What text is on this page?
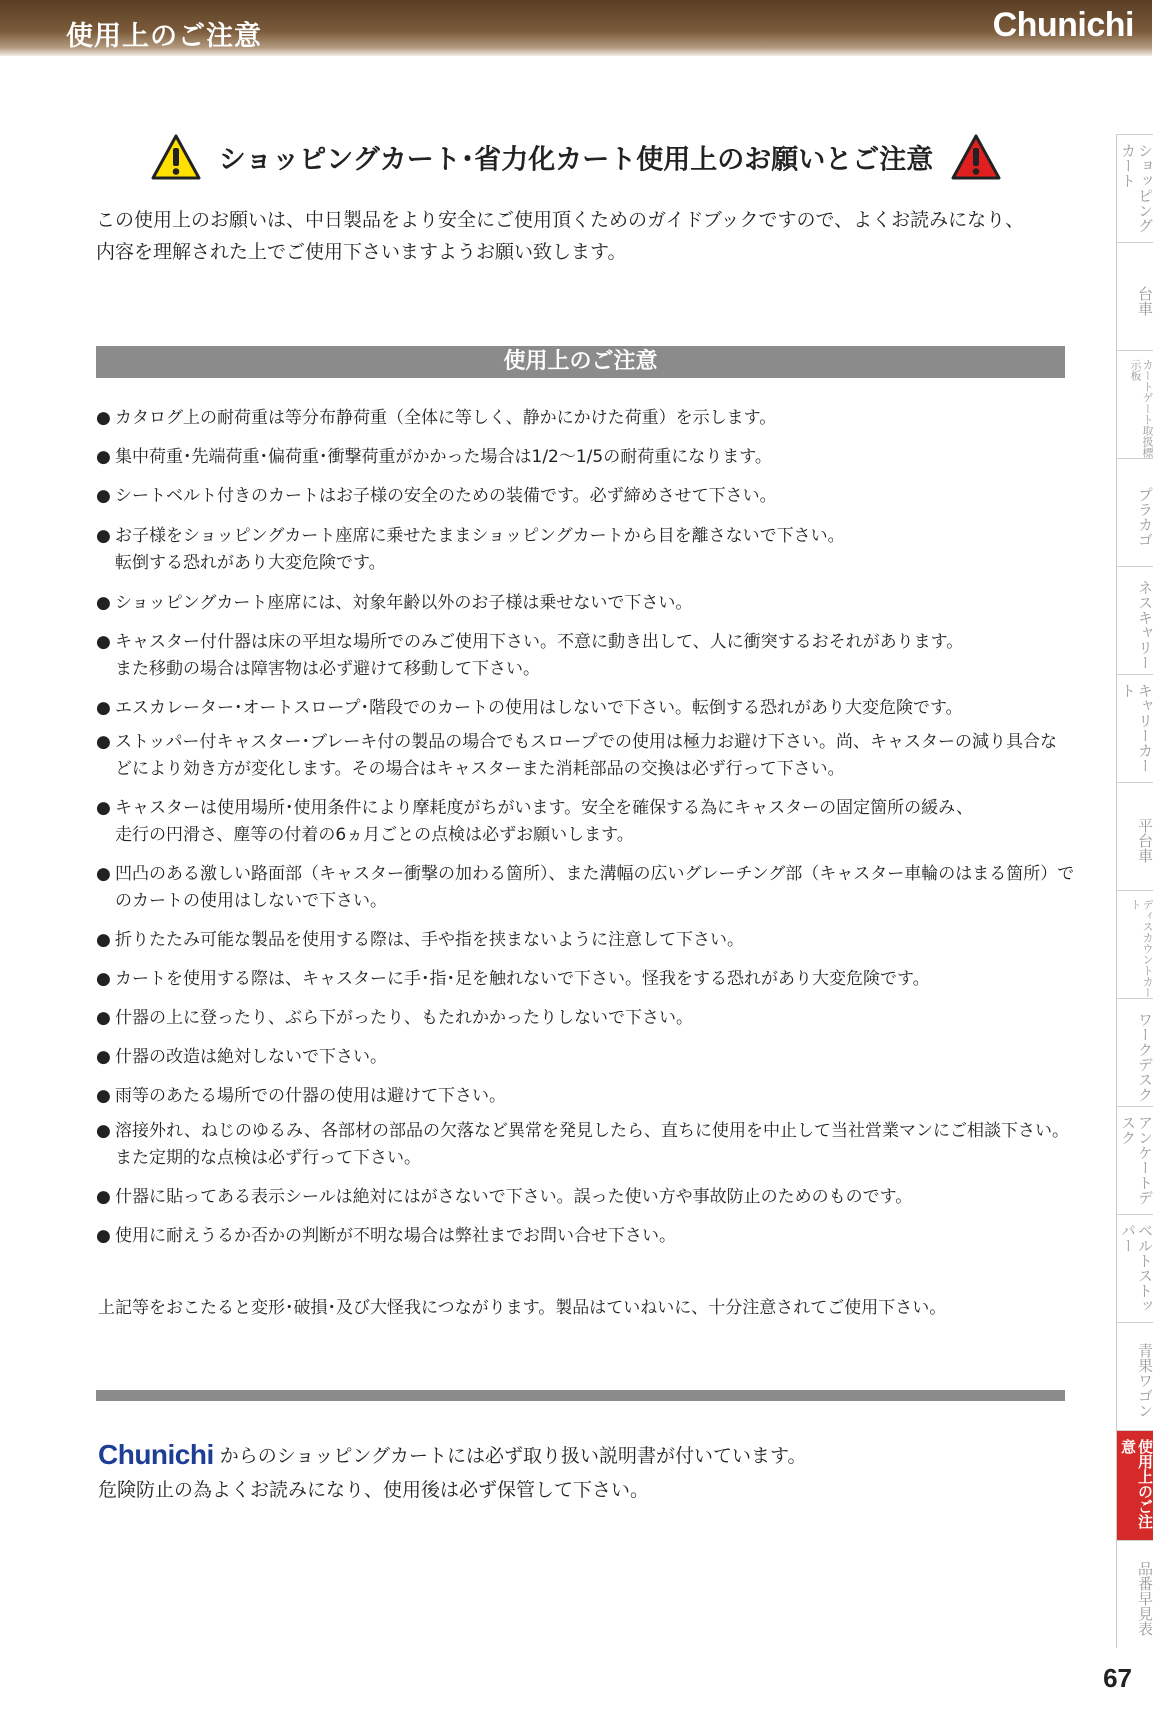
使用上のご注意	Chunichi
ショッピングカート･省力化カート使用上のお願いとご注意

この使用上のお願いは、中日製品をより安全にご使用頂くためのガイドブックですので、よくお読みになり、

内容を理解された上でご使用下さいますようお願い致します。

使用上のご注意
● カタログ上の耐荷重は等分布静荷重（全体に等しく、静かにかけた荷重）を示します。
● 集中荷重･先端荷重･偏荷重･衝撃荷重がかかった場合は1/2〜1/5の耐荷重になります。
● シートベルト付きのカートはお子様の安全のための装備です。必ず締めさせて下さい。
● お子様をショッピングカート座席に乗せたままショッピングカートから目を離さないで下さい。
転倒する恐れがあり大変危険です。
● ショッピングカート座席には、対象年齢以外のお子様は乗せないで下さい。
● キャスター付什器は床の平坦な場所でのみご使用下さい。不意に動き出して、人に衝突するおそれがあります。
また移動の場合は障害物は必ず避けて移動して下さい。
● エスカレーター･オートスロープ･階段でのカートの使用はしないで下さい。転倒する恐れがあり大変危険です。
● ストッパー付キャスター･ブレーキ付の製品の場合でもスロープでの使用は極力お避け下さい。尚、キャスターの減り具合な
どにより効き方が変化します。その場合はキャスターまた消耗部品の交換は必ず行って下さい。
● キャスターは使用場所･使用条件により摩耗度がちがいます。安全を確保する為にキャスターの固定箇所の緩み、
走行の円滑さ、塵等の付着の6ヵ月ごとの点検は必ずお願いします。
● 凹凸のある激しい路面部（キャスター衝撃の加わる箇所）、また溝幅の広いグレーチング部（キャスター車輪のはまる箇所）で
のカートの使用はしないで下さい。
● 折りたたみ可能な製品を使用する際は、手や指を挟まないように注意して下さい。
● カートを使用する際は、キャスターに手･指･足を触れないで下さい。怪我をする恐れがあり大変危険です。
● 什器の上に登ったり、ぶら下がったり、もたれかかったりしないで下さい。
● 什器の改造は絶対しないで下さい。
● 雨等のあたる場所での什器の使用は避けて下さい。
● 溶接外れ、ねじのゆるみ、各部材の部品の欠落など異常を発見したら、直ちに使用を中止して当社営業マンにご相談下さい。
また定期的な点検は必ず行って下さい。
● 什器に貼ってある表示シールは絶対にはがさないで下さい。誤った使い方や事故防止のためのものです。
● 使用に耐えうるか否かの判断が不明な場合は弊社までお問い合せ下さい。
上記等をおこたると変形･破損･及び大怪我につながります。製品はていねいに、十分注意されてご使用下さい。

Chunichi からのショッピングカートには必ず取り扱い説明書が付いています。

危険防止の為よくお読みになり、使用後は必ず保管して下さい。

ショッピングカート
台車
カートゲート取扱標示板
プラカゴ
ネスキャリー
キャリーカート
平台車
ディスカウントカート
ワークデスク
アンケートデスク
ベルトストッパー
青果ワゴン
使用上のご注意
品番早見表
67
